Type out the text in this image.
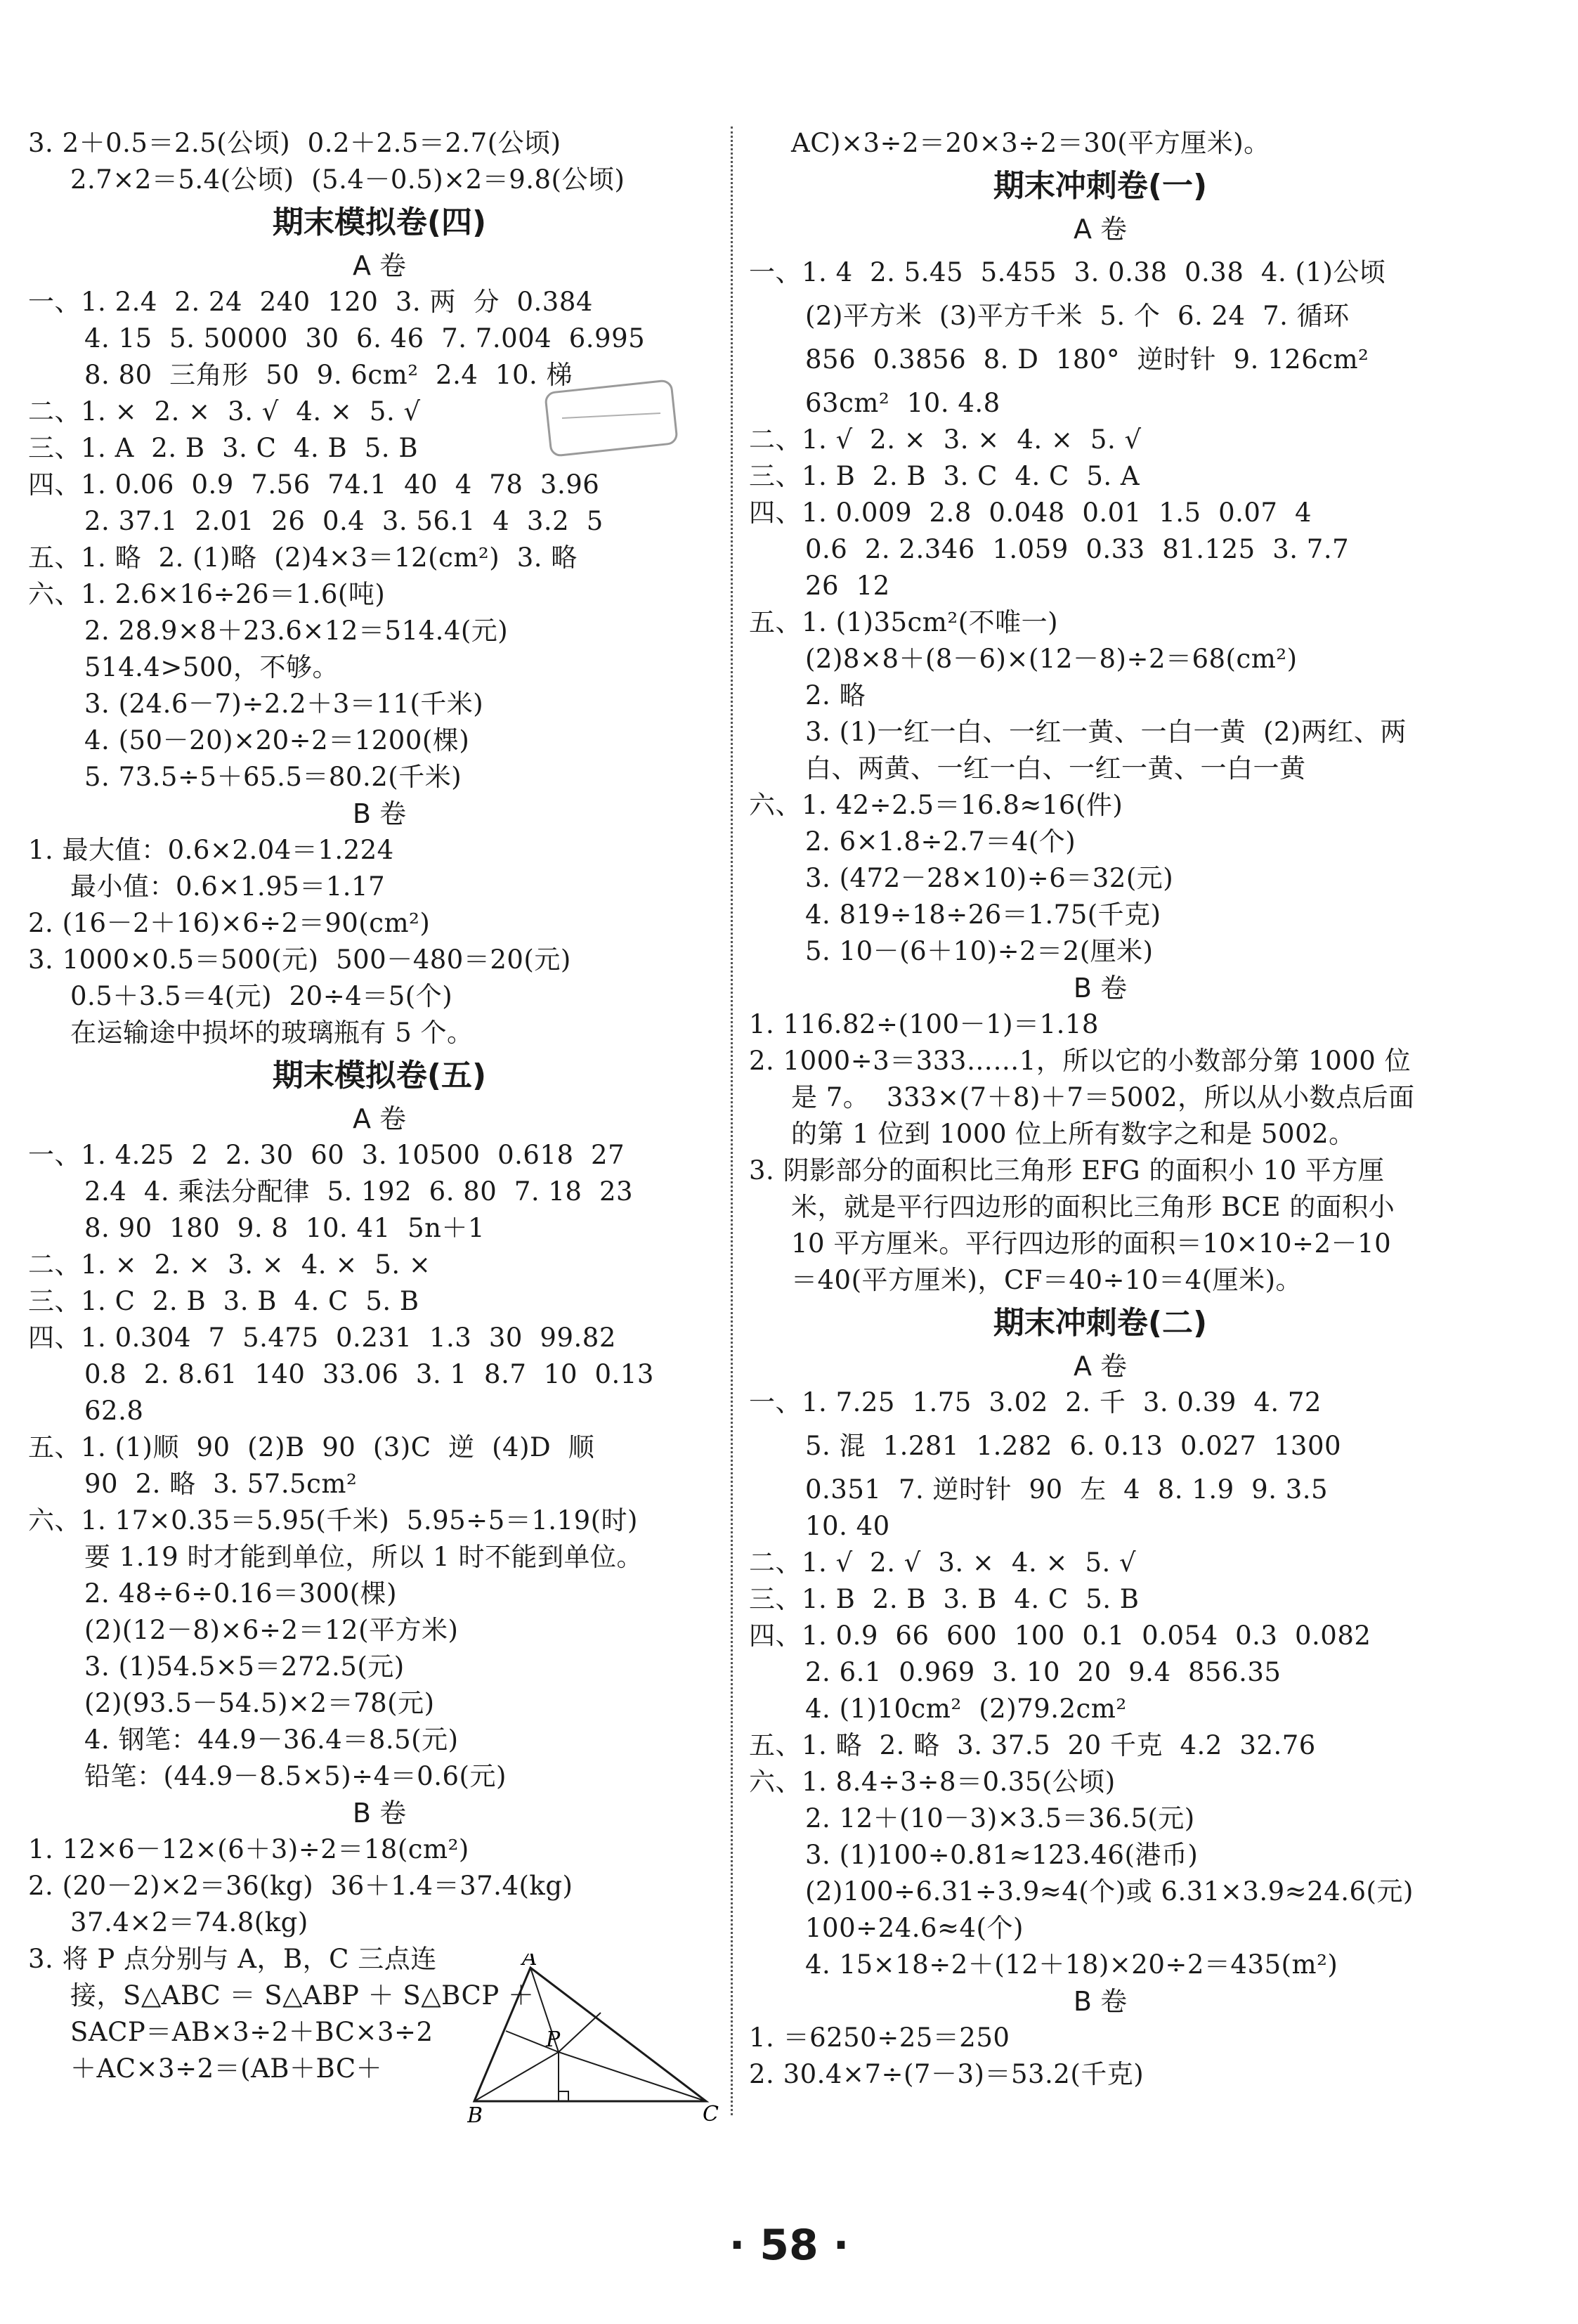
3. 2＋0.5＝2.5(公顷)  0.2＋2.5＝2.7(公顷)
2.7×2＝5.4(公顷)  (5.4－0.5)×2＝9.8(公顷)
期末模拟卷(四)
A 卷
一、1. 2.4  2. 24  240  120  3. 两  分  0.384
4. 15  5. 50000  30  6. 46  7. 7.004  6.995
8. 80  三角形  50  9. 6cm²  2.4  10. 梯
二、1. ×  2. ×  3. √  4. ×  5. √
三、1. A  2. B  3. C  4. B  5. B
四、1. 0.06  0.9  7.56  74.1  40  4  78  3.96
2. 37.1  2.01  26  0.4  3. 56.1  4  3.2  5
五、1. 略  2. (1)略  (2)4×3＝12(cm²)  3. 略
六、1. 2.6×16÷26＝1.6(吨)
2. 28.9×8＋23.6×12＝514.4(元)
514.4>500，不够。
3. (24.6－7)÷2.2＋3＝11(千米)
4. (50－20)×20÷2＝1200(棵)
5. 73.5÷5＋65.5＝80.2(千米)
B 卷
1. 最大值：0.6×2.04＝1.224
最小值：0.6×1.95＝1.17
2. (16－2＋16)×6÷2＝90(cm²)
3. 1000×0.5＝500(元)  500－480＝20(元)
0.5＋3.5＝4(元)  20÷4＝5(个)
在运输途中损坏的玻璃瓶有 5 个。
期末模拟卷(五)
A 卷
一、1. 4.25  2  2. 30  60  3. 10500  0.618  27
2.4  4. 乘法分配律  5. 192  6. 80  7. 18  23
8. 90  180  9. 8  10. 41  5n＋1
二、1. ×  2. ×  3. ×  4. ×  5. ×
三、1. C  2. B  3. B  4. C  5. B
四、1. 0.304  7  5.475  0.231  1.3  30  99.82
0.8  2. 8.61  140  33.06  3. 1  8.7  10  0.13
62.8
五、1. (1)顺  90  (2)B  90  (3)C  逆  (4)D  顺
90  2. 略  3. 57.5cm²
六、1. 17×0.35＝5.95(千米)  5.95÷5＝1.19(时)
要 1.19 时才能到单位，所以 1 时不能到单位。
2. 48÷6÷0.16＝300(棵)
(2)(12－8)×6÷2＝12(平方米)
3. (1)54.5×5＝272.5(元)
(2)(93.5－54.5)×2＝78(元)
4. 钢笔：44.9－36.4＝8.5(元)
铅笔：(44.9－8.5×5)÷4＝0.6(元)
B 卷
1. 12×6－12×(6＋3)÷2＝18(cm²)
2. (20－2)×2＝36(kg)  36＋1.4＝37.4(kg)
37.4×2＝74.8(kg)
3. 将 P 点分别与 A，B，C 三点连
接，S△ABC ＝ S△ABP ＋ S△BCP ＋
SACP＝AB×3÷2＋BC×3÷2
＋AC×3÷2＝(AB＋BC＋
A
P
B	C
AC)×3÷2＝20×3÷2＝30(平方厘米)。
期末冲刺卷(一)
A 卷
一、1. 4  2. 5.45  5.455  3. 0.38  0.38  4. (1)公顷
(2)平方米  (3)平方千米  5. 个  6. 24  7. 循环
856  0.3856  8. D  180°  逆时针  9. 126cm²
63cm²  10. 4.8
二、1. √  2. ×  3. ×  4. ×  5. √
三、1. B  2. B  3. C  4. C  5. A
四、1. 0.009  2.8  0.048  0.01  1.5  0.07  4
0.6  2. 2.346  1.059  0.33  81.125  3. 7.7
26  12
五、1. (1)35cm²(不唯一)
(2)8×8＋(8－6)×(12－8)÷2＝68(cm²)
2. 略
3. (1)一红一白、一红一黄、一白一黄  (2)两红、两
白、两黄、一红一白、一红一黄、一白一黄
六、1. 42÷2.5＝16.8≈16(件)
2. 6×1.8÷2.7＝4(个)
3. (472－28×10)÷6＝32(元)
4. 819÷18÷26＝1.75(千克)
5. 10－(6＋10)÷2＝2(厘米)
B 卷
1. 116.82÷(100－1)＝1.18
2. 1000÷3＝333……1，所以它的小数部分第 1000 位
是 7。  333×(7＋8)＋7＝5002，所以从小数点后面
的第 1 位到 1000 位上所有数字之和是 5002。
3. 阴影部分的面积比三角形 EFG 的面积小 10 平方厘
米，就是平行四边形的面积比三角形 BCE 的面积小
10 平方厘米。平行四边形的面积＝10×10÷2－10
＝40(平方厘米)，CF＝40÷10＝4(厘米)。
期末冲刺卷(二)
A 卷
一、1. 7.25  1.75  3.02  2. 千  3. 0.39  4. 72
5. 混  1.281  1.282  6. 0.13  0.027  1300
0.351  7. 逆时针  90  左  4  8. 1.9  9. 3.5
10. 40
二、1. √  2. √  3. ×  4. ×  5. √
三、1. B  2. B  3. B  4. C  5. B
四、1. 0.9  66  600  100  0.1  0.054  0.3  0.082
2. 6.1  0.969  3. 10  20  9.4  856.35
4. (1)10cm²  (2)79.2cm²
五、1. 略  2. 略  3. 37.5  20 千克  4.2  32.76
六、1. 8.4÷3÷8＝0.35(公顷)
2. 12＋(10－3)×3.5＝36.5(元)
3. (1)100÷0.81≈123.46(港币)
(2)100÷6.31÷3.9≈4(个)或 6.31×3.9≈24.6(元)
100÷24.6≈4(个)
4. 15×18÷2＋(12＋18)×20÷2＝435(m²)
B 卷
1. ＝6250÷25＝250
2. 30.4×7÷(7－3)＝53.2(千克)
· 58 ·
